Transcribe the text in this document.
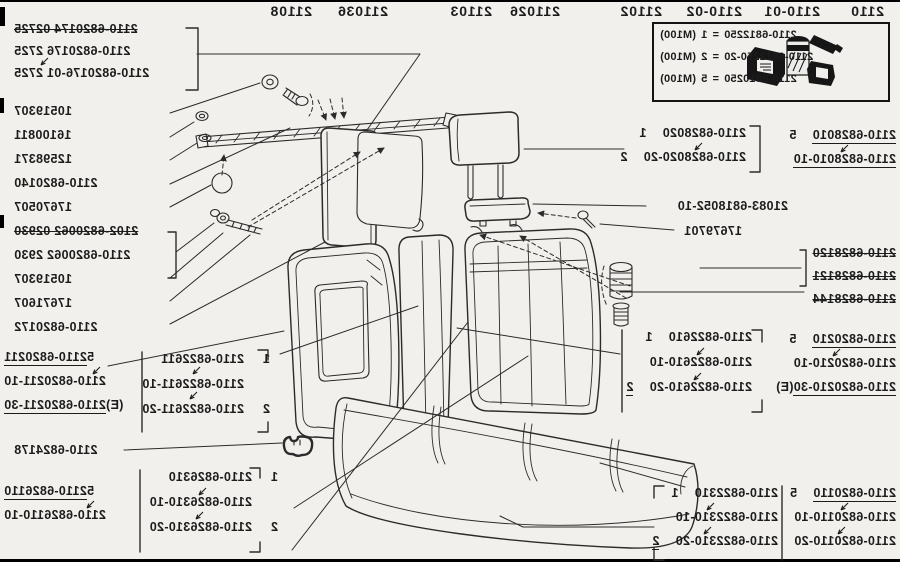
2110
2110-01
2110-02
21102
211026
21103
211036
21108
2110-6812250
=
1
(M100)
2110-6812250-20
=
2
(M100)
2110-6810250
=
5
(M100)
2110-6820174 02725
2110-6820176 2725
2110-6820176-01 2725
10519307
16100811
12598371
2110-6820140
17670507
2102-6820062 02930
2110-6820062 2930
10519307
17671607
2110-6820172
52110-6820211
2110-6820211-10
(E)2110-6820211-30
2110-6824178
52110-6826110
2110-6826110-10
12110-6822611
2110-6822611-10
22110-6822611-20
12110-6826310
2110-6826310-10
22110-6826310-20
2110-68280105
2110-6828010-10
2110-68280201
2110-6828020-202
21083-6818052-10
17679701
2110-6828120
2110-6828121
2110-6828144
2110-68202105
2110-6820210-10
2110-6820210-30(E)
2110-68226101
2110-6822610-10
2110-6822610-202
2110-68223101
2110-6822310-10
2110-6822310-202
2110-68201105
2110-6820110-10
2110-6820110-20
